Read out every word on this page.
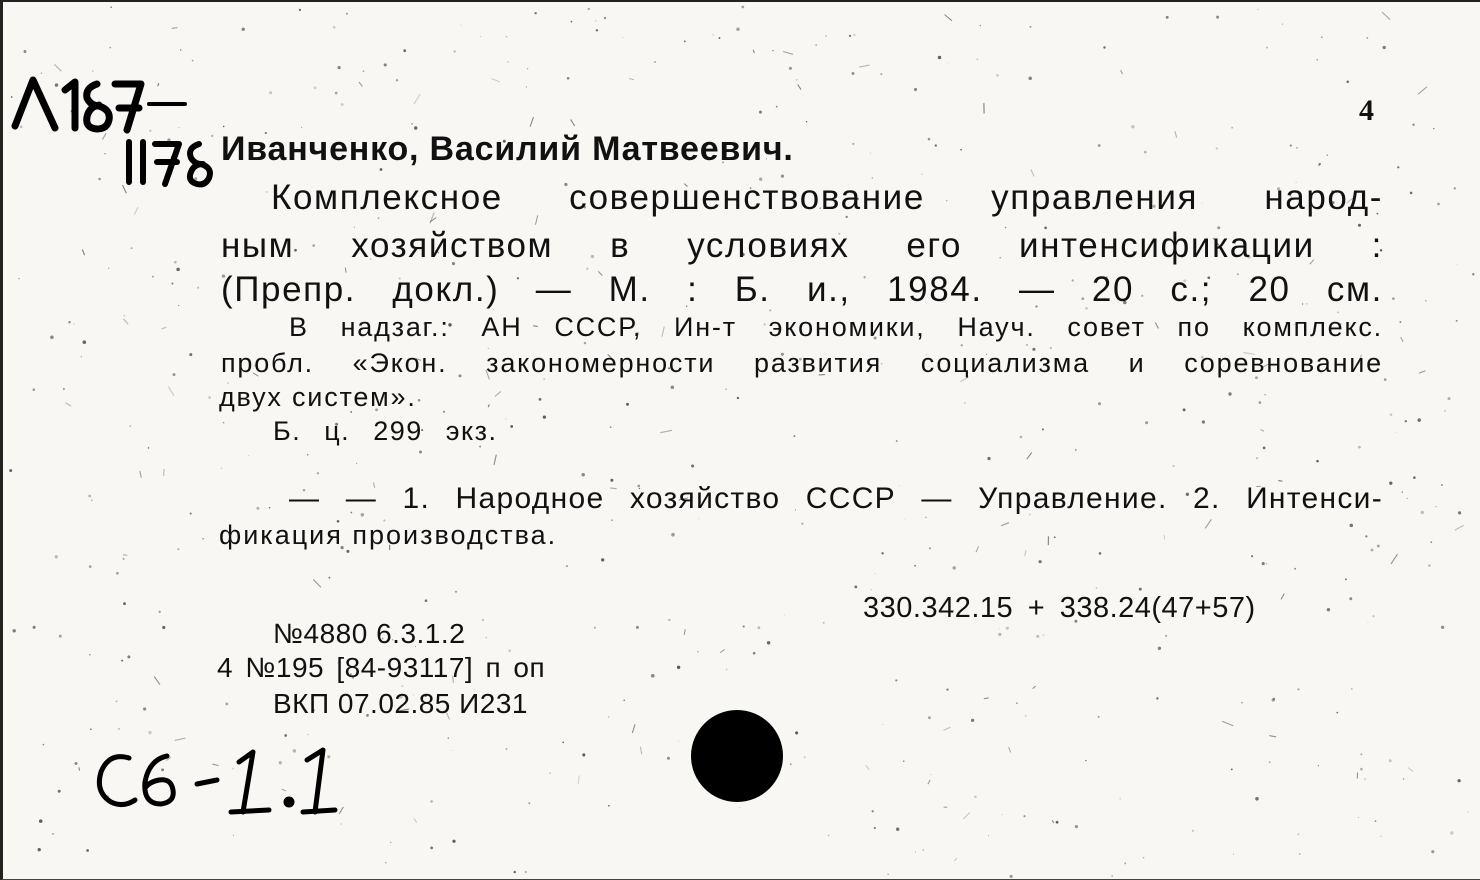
4
Иванченко, Василий Матвеевич.
Комплексное совершенствование управления народ-
ным хозяйством в условиях его интенсификации :
(Препр. докл.) — М. : Б. и., 1984. — 20 с.; 20 см.
В надзаг.: АН СССР, Ин-т экономики, Науч. совет по комплекс.
пробл. «Экон. закономерности развития социализма и соревнование
двух систем».
Б. ц. 299 экз.
— — 1. Народное хозяйство СССР — Управление. 2. Интенси-
фикация производства.
330.342.15 + 338.24(47+57)
№4880 6.3.1.2
4 №195 [84-93117] п оп
ВКП 07.02.85 И231
